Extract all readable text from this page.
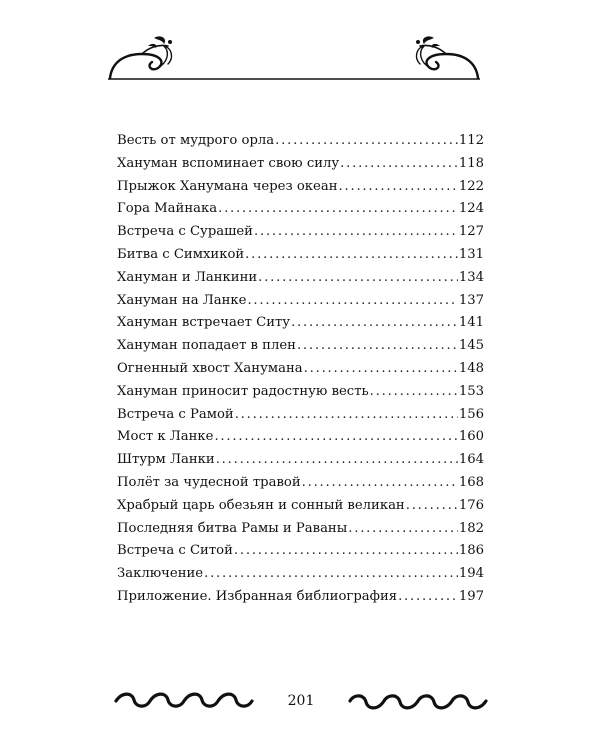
Весть от мудрого орла . . .	112
Хануман вспоминает свою силу . . .	118
Прыжок Ханумана через океан . . .	122
Гора Майнака . . .	124
Встреча с Сурашей . . .	127
Битва с Симхикой . . .	131
Хануман и Ланкини . . .	134
Хануман на Ланке . . .	137
Хануман встречает Ситу . . .	141
Хануман попадает в плен . . .	145
Огненный хвост Ханумана . . .	148
Хануман приносит радостную весть . . .	153
Встреча с Рамой . . .	156
Мост к Ланке . . .	160
Штурм Ланки . . .	164
Полёт за чудесной травой . . .	168
Храбрый царь обезьян и сонный великан . . .	176
Последняя битва Рамы и Раваны . . .	182
Встреча с Ситой . . .	186
Заключение . . .	194
Приложение. Избранная библиография . . .	197
201
